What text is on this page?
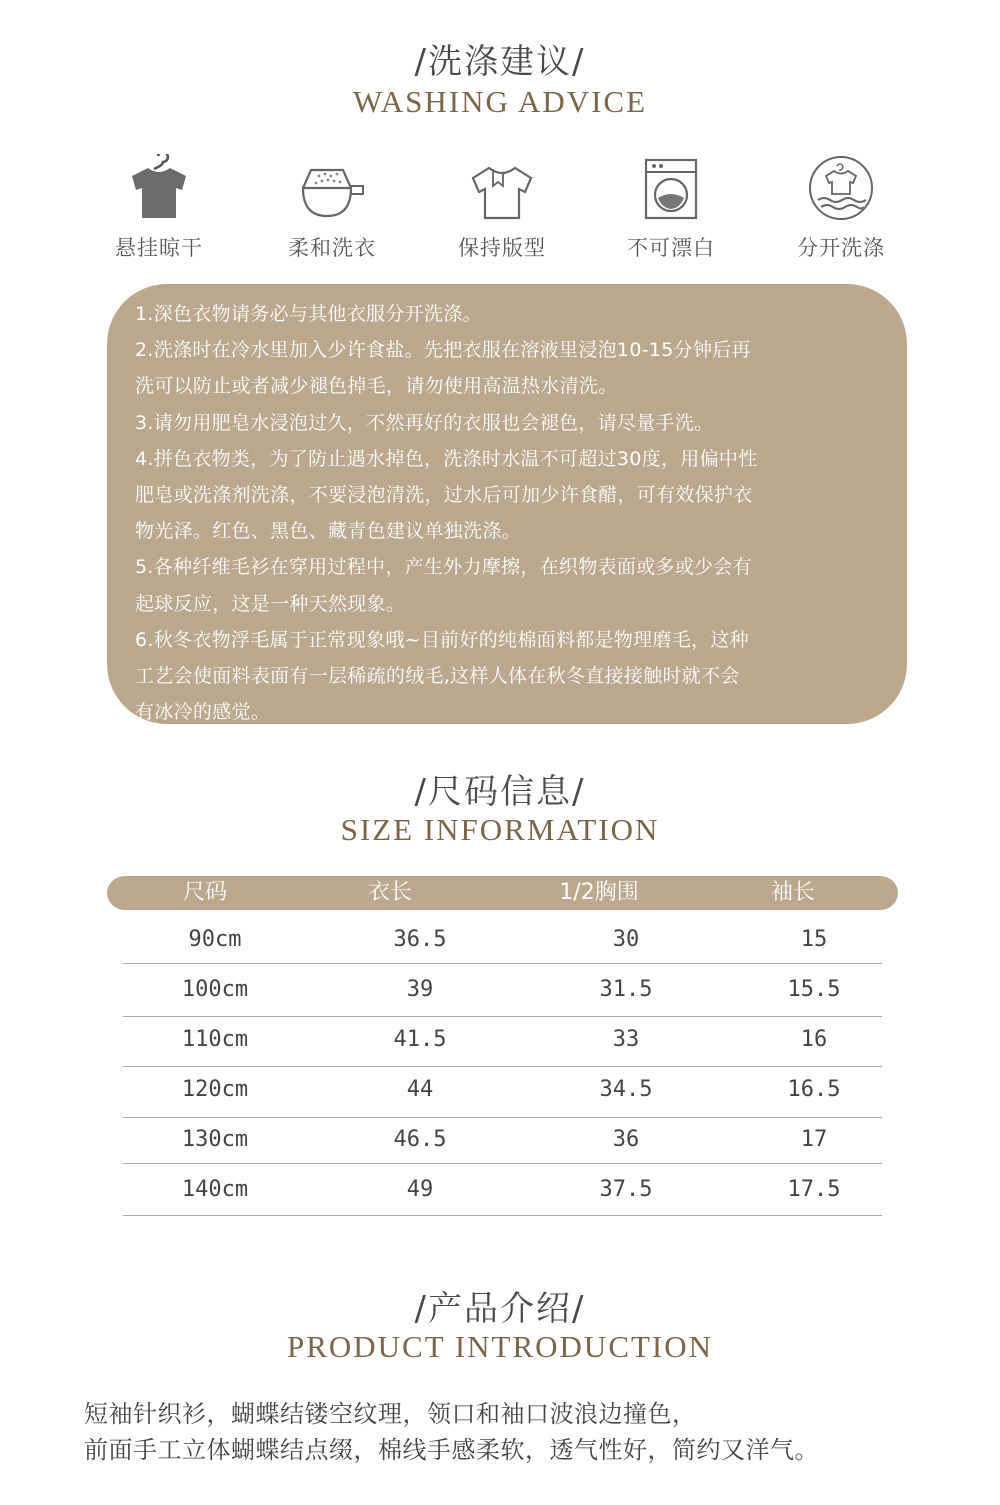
/洗涤建议/
WASHING ADVICE
悬挂晾干	柔和洗衣	保持版型	不可漂白	分开洗涤

1.深色衣物请务必与其他衣服分开洗涤。

2.洗涤时在冷水里加入少许食盐。先把衣服在溶液里浸泡10-15分钟后再

洗可以防止或者减少褪色掉毛，请勿使用高温热水清洗。

3.请勿用肥皂水浸泡过久，不然再好的衣服也会褪色，请尽量手洗。

4.拼色衣物类，为了防止遇水掉色，洗涤时水温不可超过30度，用偏中性

肥皂或洗涤剂洗涤，不要浸泡清洗，过水后可加少许食醋，可有效保护衣

物光泽。红色、黑色、藏青色建议单独洗涤。

5.各种纤维毛衫在穿用过程中，产生外力摩擦，在织物表面或多或少会有

起球反应，这是一种天然现象。

6.秋冬衣物浮毛属于正常现象哦~目前好的纯棉面料都是物理磨毛，这种

工艺会使面料表面有一层稀疏的绒毛,这样人体在秋冬直接接触时就不会

有冰冷的感觉。

/尺码信息/
SIZE INFORMATION
尺码	衣长	1/2胸围	袖长
90cm	36.5	30	15
100cm	39	31.5	15.5
110cm	41.5	33	16
120cm	44	34.5	16.5
130cm	46.5	36	17
140cm	49	37.5	17.5
/产品介绍/
PRODUCT INTRODUCTION
短袖针织衫，蝴蝶结镂空纹理，领口和袖口波浪边撞色，
前面手工立体蝴蝶结点缀，棉线手感柔软，透气性好，简约又洋气。
